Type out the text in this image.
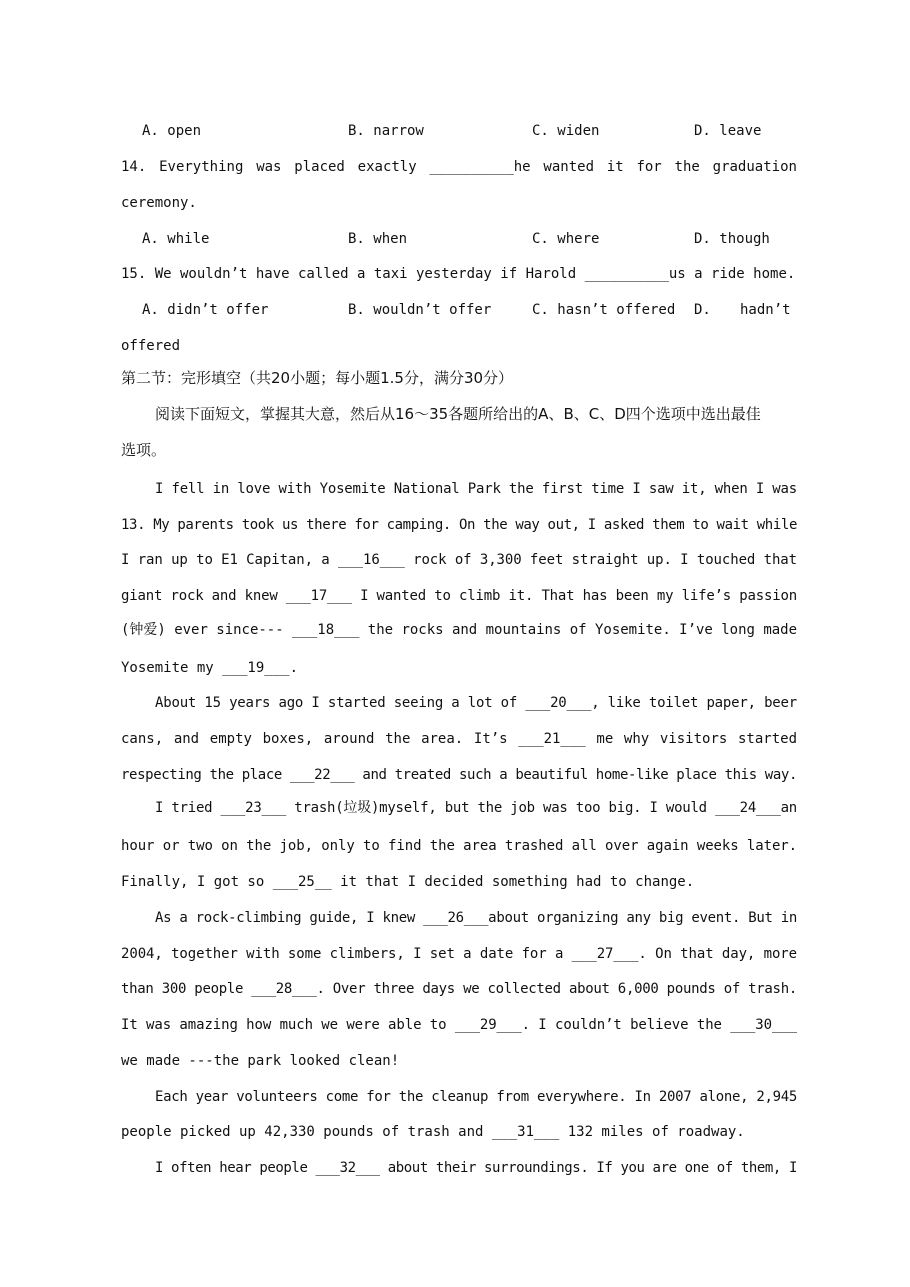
A. open	B. narrow	C. widen	D. leave
14. Everything was placed exactly __________he wanted it for the graduation
ceremony.
A. while	B. when	C. where	D. though
15. We wouldn’t have called a taxi yesterday if Harold __________us a ride home.
A. didn’t offer	B. wouldn’t offer	C. hasn’t offered D. hadn’t
offered
第二节：完形填空（共20小题；每小题1.5分，满分30分）
阅读下面短文，掌握其大意，然后从16～35各题所给出的A、B、C、D四个选项中选出最佳
选项。
I fell in love with Yosemite National Park the first time I saw it, when I was
13. My parents took us there for camping. On the way out, I asked them to wait while
I ran up to E1 Capitan, a ___16___ rock of 3,300 feet straight up. I touched that
giant rock and knew ___17___ I wanted to climb it. That has been my life’s passion
(钟爱) ever since--- ___18___ the rocks and mountains of Yosemite. I’ve long made
Yosemite my ___19___.
About 15 years ago I started seeing a lot of ___20___, like toilet paper, beer
cans, and empty boxes, around the area. It’s ___21___ me why visitors started
respecting the place ___22___ and treated such a beautiful home-like place this way.
I tried ___23___ trash(垃圾)myself, but the job was too big. I would ___24___an
hour or two on the job, only to find the area trashed all over again weeks later.
Finally, I got so ___25__ it that I decided something had to change.
As a rock-climbing guide, I knew ___26___about organizing any big event. But in
2004, together with some climbers, I set a date for a ___27___. On that day, more
than 300 people ___28___. Over three days we collected about 6,000 pounds of trash.
It was amazing how much we were able to ___29___. I couldn’t believe the ___30___
we made ---the park looked clean!
Each year volunteers come for the cleanup from everywhere. In 2007 alone, 2,945
people picked up 42,330 pounds of trash and ___31___ 132 miles of roadway.
I often hear people ___32___ about their surroundings. If you are one of them, I
